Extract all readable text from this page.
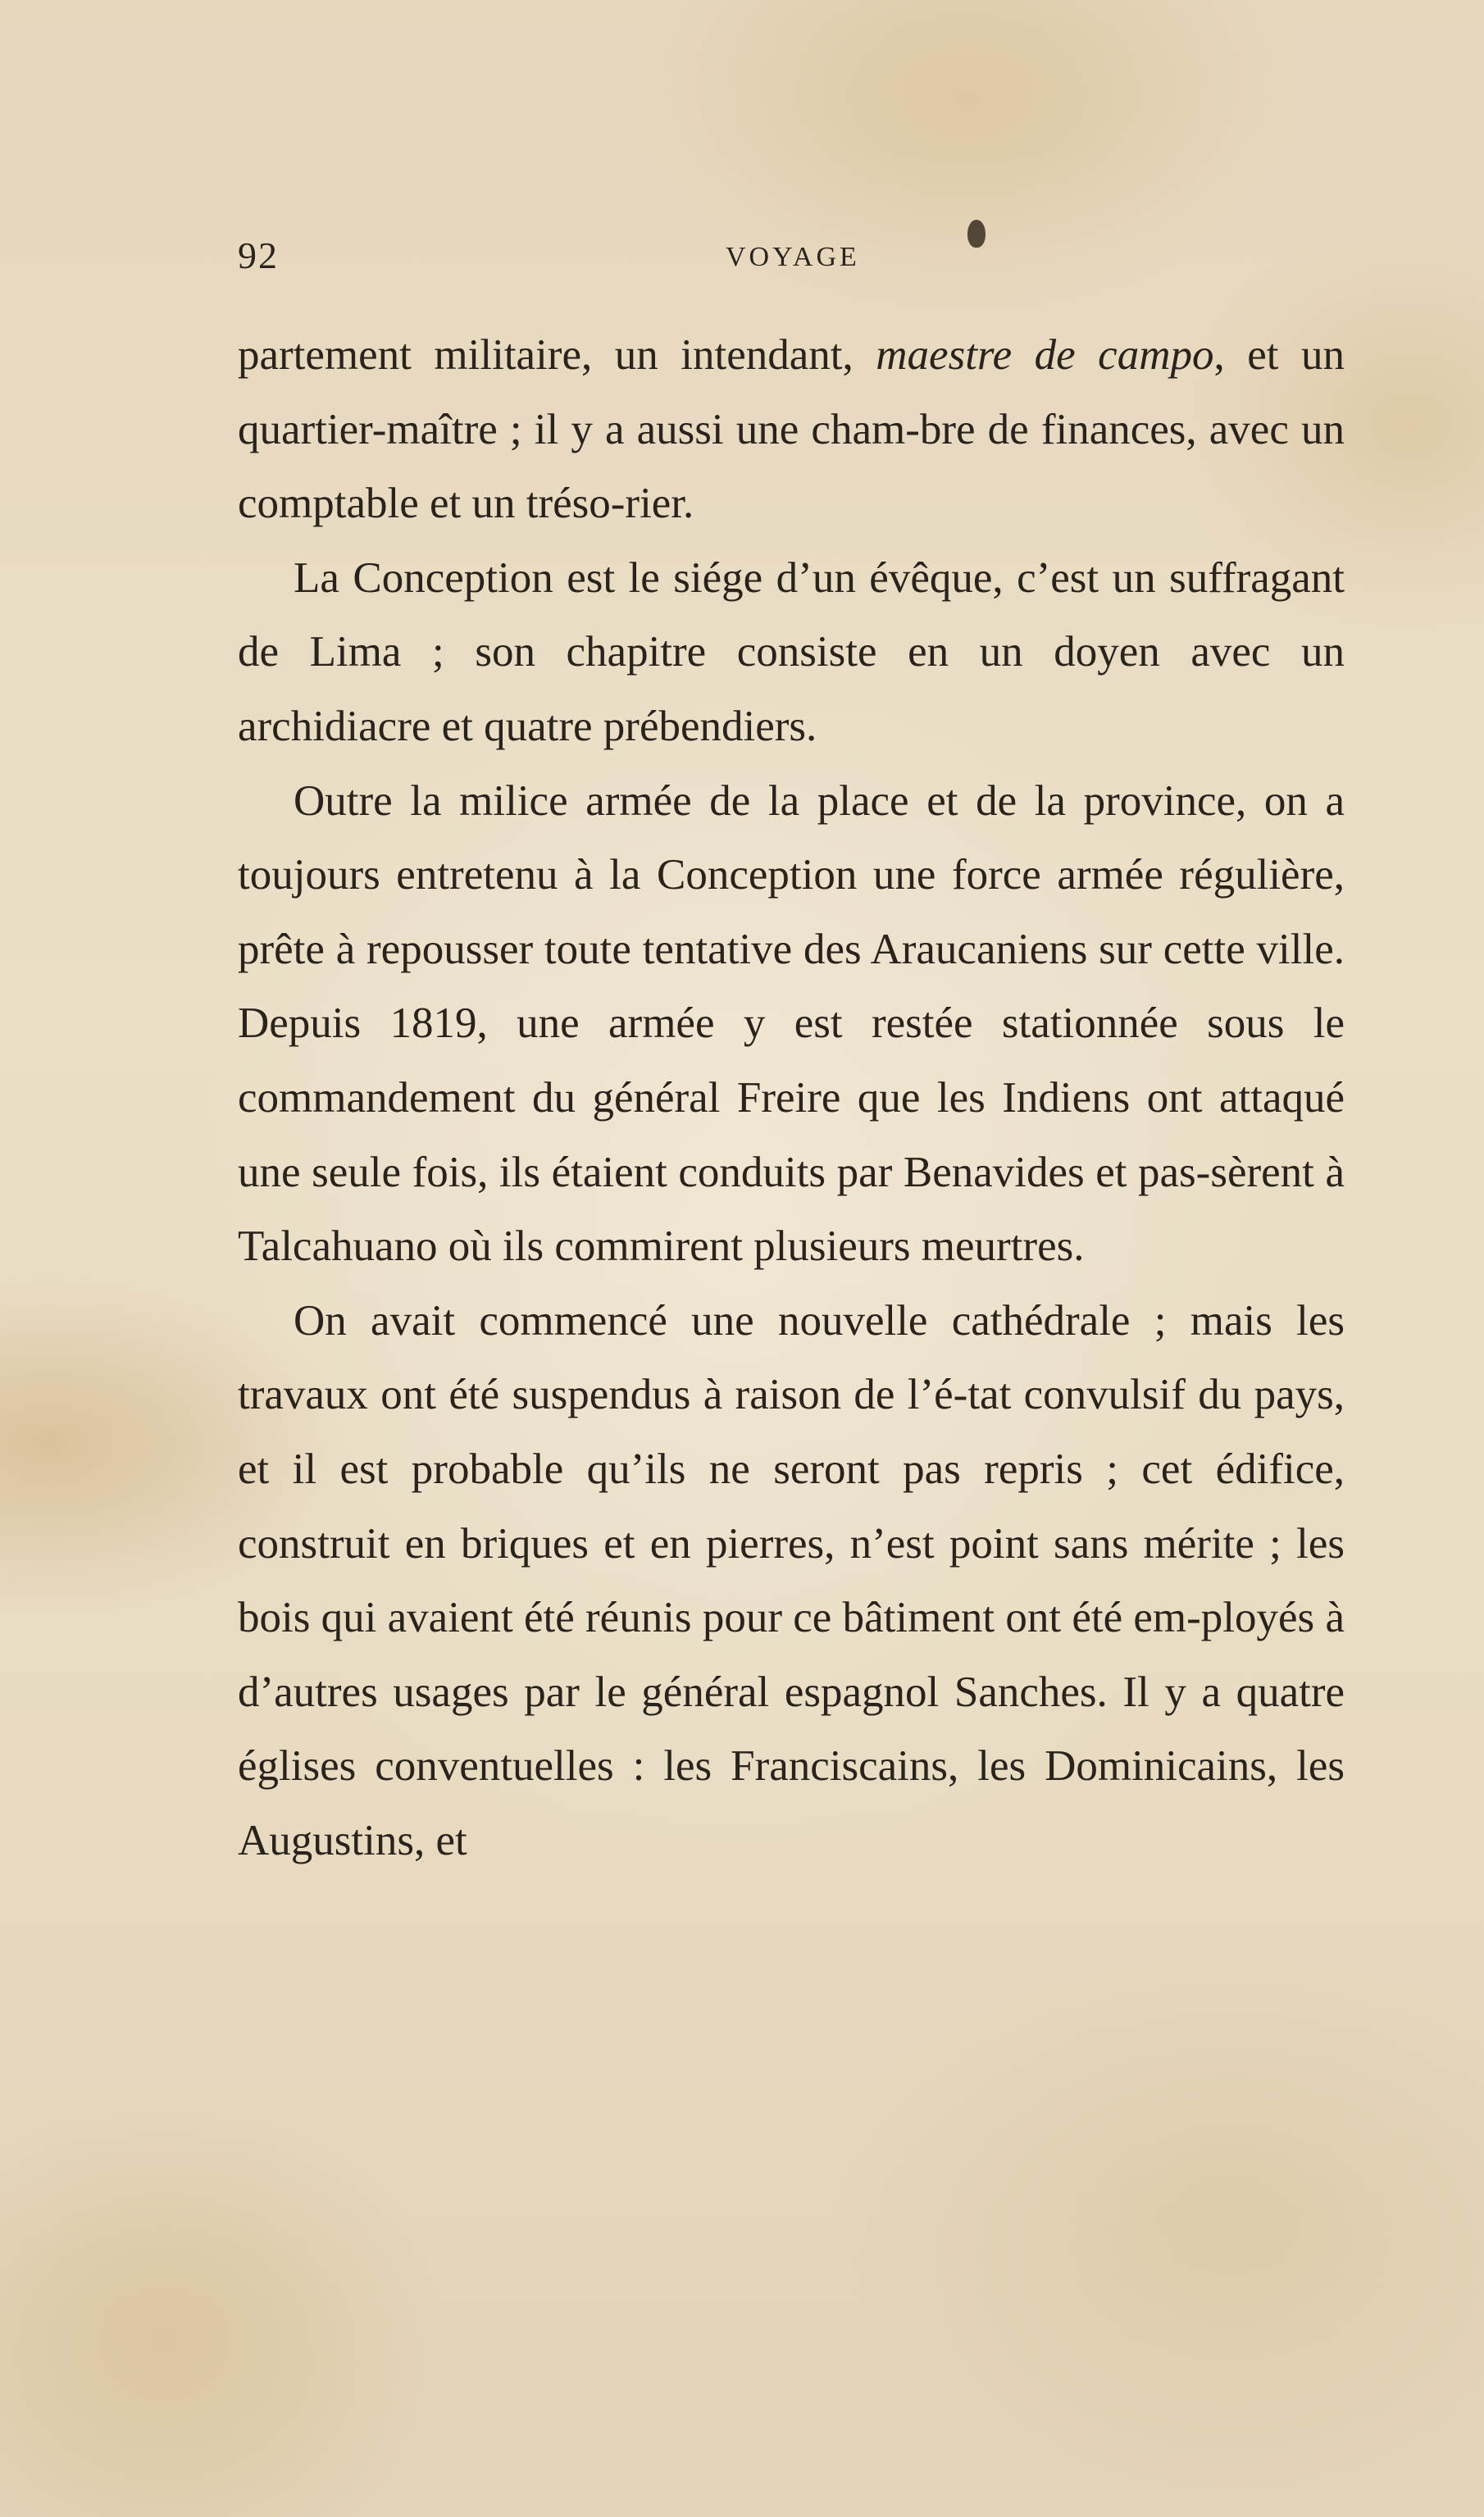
92	VOYAGE

partement militaire, un intendant, maestre de campo, et un quartier-maître ; il y a aussi une cham-bre de finances, avec un comptable et un tréso-rier.

La Conception est le siége d’un évêque, c’est un suffragant de Lima ; son chapitre consiste en un doyen avec un archidiacre et quatre prébendiers.

Outre la milice armée de la place et de la province, on a toujours entretenu à la Conception une force armée régulière, prête à repousser toute tentative des Araucaniens sur cette ville. Depuis 1819, une armée y est restée stationnée sous le commandement du général Freire que les Indiens ont attaqué une seule fois, ils étaient conduits par Benavides et pas-sèrent à Talcahuano où ils commirent plusieurs meurtres.

On avait commencé une nouvelle cathédrale ; mais les travaux ont été suspendus à raison de l’é-tat convulsif du pays, et il est probable qu’ils ne seront pas repris ; cet édifice, construit en briques et en pierres, n’est point sans mérite ; les bois qui avaient été réunis pour ce bâtiment ont été em-ployés à d’autres usages par le général espagnol Sanches. Il y a quatre églises conventuelles : les Franciscains, les Dominicains, les Augustins, et
